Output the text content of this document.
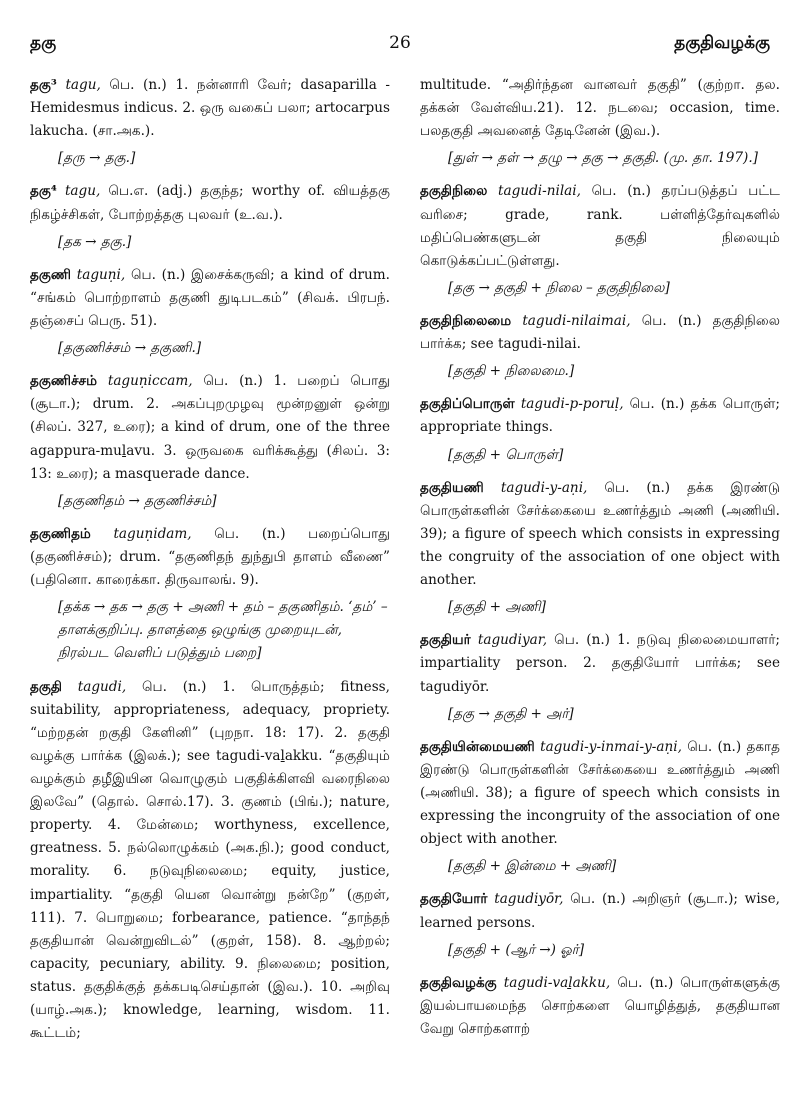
தகு	26	தகுதிவழக்கு
தகு³ tagu, பெ. (n.) 1. நன்னாரி வேர்; dasaparilla - Hemidesmus indicus. 2. ஒரு வகைப் பலா; artocarpus lakucha. (சா.அக.).
[தரு → தகு.]
தகு⁴ tagu, பெ.எ. (adj.) தகுந்த; worthy of. வியத்தகு நிகழ்ச்சிகள், போற்றத்தகு புலவர் (உ.வ.).
[தக → தகு.]
தகுணி taguṇi, பெ. (n.) இசைக்கருவி; a kind of drum. “சங்கம் பொற்றாளம் தகுணி துடிபடகம்” (சிவக். பிரபந். தஞ்சைப் பெரு. 51).
[தகுணிச்சம் → தகுணி.]
தகுணிச்சம் taguṇiccam, பெ. (n.) 1. பறைப் பொது (சூடா.); drum. 2. அகப்புறமுழவு மூன்றனுள் ஒன்று (சிலப். 327, உரை); a kind of drum, one of the three agappura-muḻavu. 3. ஒருவகை வரிக்கூத்து (சிலப். 3: 13: உரை); a masquerade dance.
[தகுணிதம் → தகுணிச்சம்]
தகுணிதம் taguṇidam, பெ. (n.) பறைப்பொது (தகுணிச்சம்); drum. “தகுணிதந் துந்துபி தாளம் வீணை” (பதினொ. காரைக்கா. திருவாலங். 9).
[தக்க → தக → தகு + அணி + தம் – தகுணிதம். ‘தம்’ – தாளக்குறிப்பு. தாளத்தை ஒழுங்கு முறையுடன், நிரல்பட வெளிப் படுத்தும் பறை]
தகுதி tagudi, பெ. (n.) 1. பொருத்தம்; fitness, suitability, appropriateness, adequacy, propriety. “மற்றதன் றகுதி கேளினி” (புறநா. 18: 17). 2. தகுதி வழக்கு பார்க்க (இலக்.); see tagudi-vaḻakku. “தகுதியும் வழக்கும் தழீஇயின வொழுகும் பகுதிக்கிளவி வரைநிலை இலவே” (தொல். சொல்.17). 3. குணம் (பிங்.); nature, property. 4. மேன்மை; worthyness, excellence, greatness. 5. நல்லொழுக்கம் (அக.நி.); good conduct, morality. 6. நடுவுநிலைமை; equity, justice, impartiality. “தகுதி யென வொன்று நன்றே” (குறள், 111). 7. பொறுமை; forbearance, patience. “தாந்தந் தகுதியான் வென்றுவிடல்” (குறள், 158). 8. ஆற்றல்; capacity, pecuniary, ability. 9. நிலைமை; position, status. தகுதிக்குத் தக்கபடிசெய்தான் (இவ.). 10. அறிவு (யாழ்.அக.); knowledge, learning, wisdom. 11. கூட்டம்;
multitude. “அதிர்ந்தன வானவர் தகுதி” (குற்றா. தல. தக்கன் வேள்விய.21). 12. நடவை; occasion, time. பலதகுதி அவனைத் தேடினேன் (இவ.).
[துள் → தள் → தழு → தகு → தகுதி. (மு. தா. 197).]
தகுதிநிலை tagudi-nilai, பெ. (n.) தரப்படுத்தப் பட்ட வரிசை; grade, rank. பள்ளித்தேர்வுகளில் மதிப்பெண்களுடன் தகுதி நிலையும் கொடுக்கப்பட்டுள்ளது.
[தகு → தகுதி + நிலை – தகுதிநிலை]
தகுதிநிலைமை tagudi-nilaimai, பெ. (n.) தகுதிநிலை பார்க்க; see tagudi-nilai.
[தகுதி + நிலைமை.]
தகுதிப்பொருள் tagudi-p-poruḷ, பெ. (n.) தக்க பொருள்; appropriate things.
[தகுதி + பொருள்]
தகுதியணி tagudi-y-aṇi, பெ. (n.) தக்க இரண்டு பொருள்களின் சேர்க்கையை உணர்த்தும் அணி (அணியி. 39); a figure of speech which consists in expressing the congruity of the association of one object with another.
[தகுதி + அணி]
தகுதியர் tagudiyar, பெ. (n.) 1. நடுவு நிலைமையாளர்; impartiality person. 2. தகுதியோர் பார்க்க; see tagudiyōr.
[தகு → தகுதி + அர்]
தகுதியின்மையணி tagudi-y-inmai-y-aṇi, பெ. (n.) தகாத இரண்டு பொருள்களின் சேர்க்கையை உணர்த்தும் அணி (அணியி. 38); a figure of speech which consists in expressing the incongruity of the association of one object with another.
[தகுதி + இன்மை + அணி]
தகுதியோர் tagudiyōr, பெ. (n.) அறிஞர் (சூடா.); wise, learned persons.
[தகுதி + (ஆர் →) ஓர்]
தகுதிவழக்கு tagudi-vaḻakku, பெ. (n.) பொருள்களுக்கு இயல்பாயமைந்த சொற்களை யொழித்துத், தகுதியான வேறு சொற்களாற்
